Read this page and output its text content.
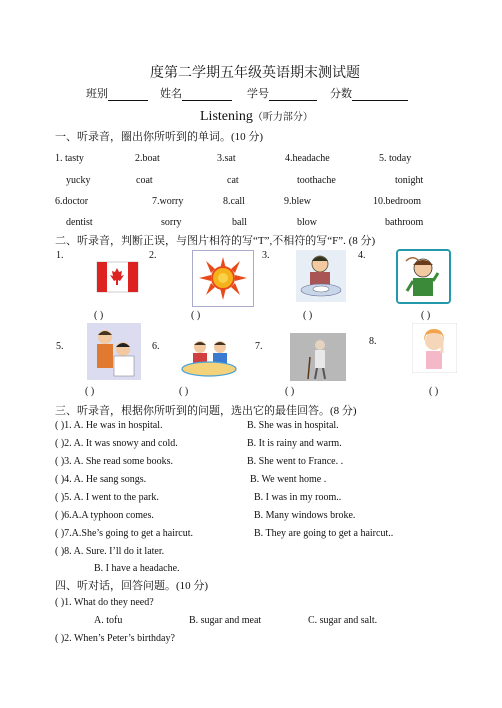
度第二学期五年级英语期末测试题
班别	姓名	学号	分数
Listening（听力部分）
一、听录音，圈出你所听到的单词。(10 分)
1. tasty	2.boat	3.sat	4.headache	5. today
yucky	coat	cat	toothache	tonight
6.doctor	7.worry	8.call	9.blew	10.bedroom
dentist	sorry	ball	blow	bathroom
二、听录音，判断正误，与图片相符的写“T”,不相符的写“F”. (8 分)
1.	2.	3.	4.
( )	( )	( )	( )
5.	6.	7.	8.
( )	( )	( )	( )
三、听录音，根据你所听到的问题，选出它的最佳回答。(8 分)
( )1. A. He was in hospital.	B. She was in hospital.
( )2. A. It was snowy and cold.	B. It is rainy and warm.
( )3. A. She read some books.	B. She went to France. .
( )4. A. He sang songs.	B. We went home .
( )5. A. I went to the park.	B. I was in my room..
( )6.A.A typhoon comes.	B. Many windows broke.
( )7.A.She’s going to get a haircut.	B. They are going to get a haircut..
( )8. A. Sure. I’ll do it later.
B. I have a headache.
四、听对话，回答问题。(10 分)
( )1. What do they need?
A. tofu	B. sugar and meat	C. sugar and salt.
( )2. When’s Peter’s birthday?
